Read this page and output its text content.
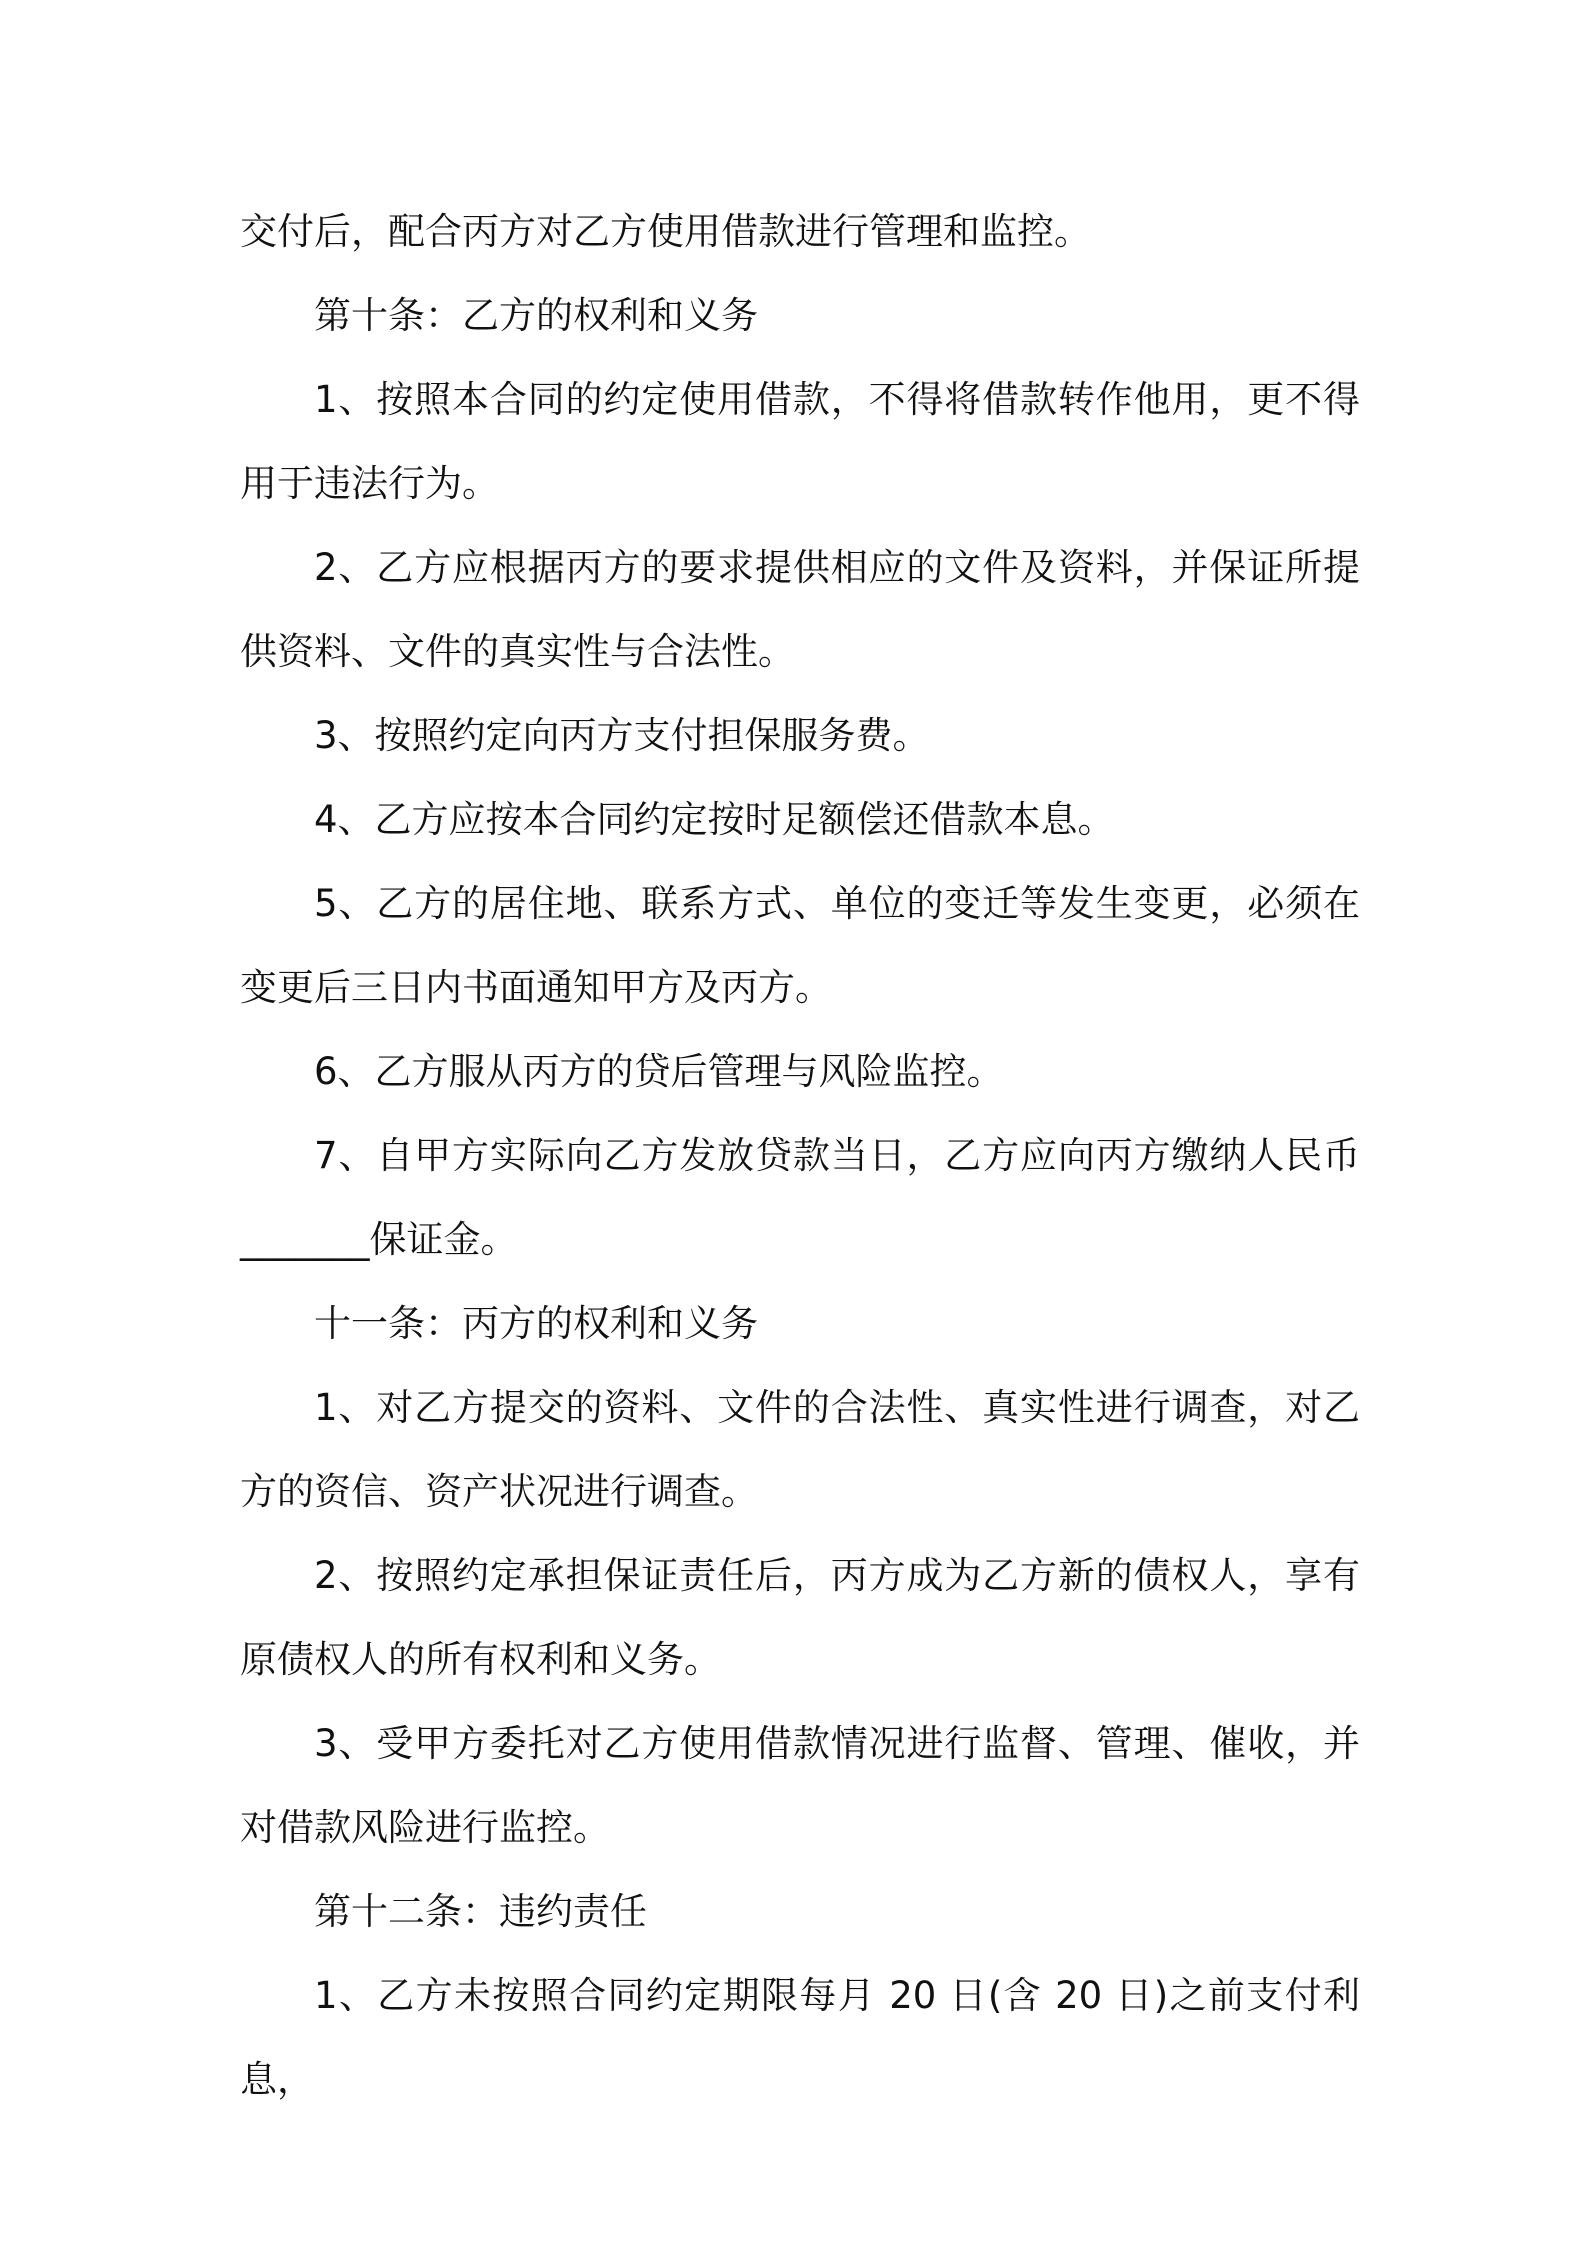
交付后，配合丙方对乙方使用借款进行管理和监控。

第十条：乙方的权利和义务

1、按照本合同的约定使用借款，不得将借款转作他用，更不得用于违法行为。

2、乙方应根据丙方的要求提供相应的文件及资料，并保证所提供资料、文件的真实性与合法性。

3、按照约定向丙方支付担保服务费。

4、乙方应按本合同约定按时足额偿还借款本息。

5、乙方的居住地、联系方式、单位的变迁等发生变更，必须在变更后三日内书面通知甲方及丙方。

6、乙方服从丙方的贷后管理与风险监控。

7、自甲方实际向乙方发放贷款当日，乙方应向丙方缴纳人民币_______保证金。

十一条：丙方的权利和义务

1、对乙方提交的资料、文件的合法性、真实性进行调查，对乙方的资信、资产状况进行调查。

2、按照约定承担保证责任后，丙方成为乙方新的债权人，享有原债权人的所有权利和义务。

3、受甲方委托对乙方使用借款情况进行监督、管理、催收，并对借款风险进行监控。

第十二条：违约责任

1、乙方未按照合同约定期限每月 20 日(含 20 日)之前支付利息，
